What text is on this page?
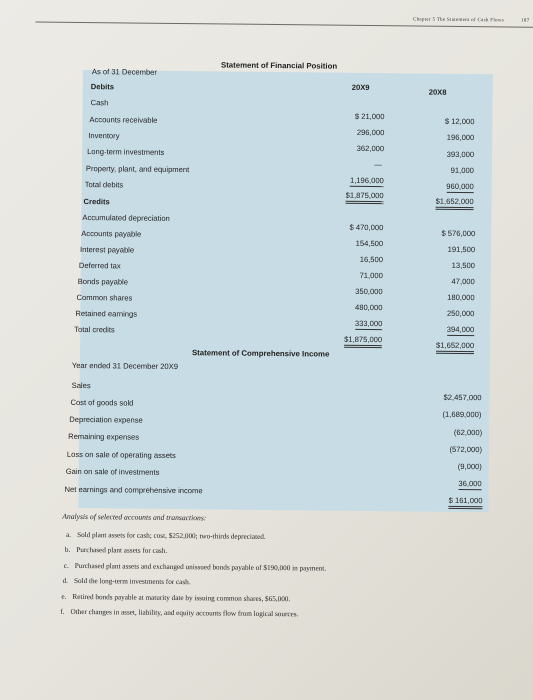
Chapter 5 The Statement of Cash Flows	187
Statement of Financial Position
As of 31 December
20X9
20X8
Debits
Cash
$ 21,000
$ 12,000
Accounts receivable
296,000
196,000
Inventory
362,000
393,000
Long-term investments
—
91,000
Property, plant, and equipment
1,196,000
960,000
Total debits
$1,875,000
$1,652,000
Credits
Accumulated depreciation
$ 470,000
$ 576,000
Accounts payable
154,500
191,500
Interest payable
16,500
13,500
Deferred tax
71,000
47,000
Bonds payable
350,000
180,000
Common shares
480,000
250,000
Retained earnings
333,000
394,000
Total credits
$1,875,000
$1,652,000
Statement of Comprehensive Income
Year ended 31 December 20X9
Sales
$2,457,000
Cost of goods sold
(1,689,000)
Depreciation expense
(62,000)
Remaining expenses
(572,000)
Loss on sale of operating assets
(9,000)
Gain on sale of investments
36,000
Net earnings and comprehensive income
$ 161,000
Analysis of selected accounts and transactions:
a. Sold plant assets for cash; cost, $252,000; two-thirds depreciated.
b. Purchased plant assets for cash.
c. Purchased plant assets and exchanged unissued bonds payable of $190,000 in payment.
d. Sold the long-term investments for cash.
e. Retired bonds payable at maturity date by issuing common shares, $65,000.
f. Other changes in asset, liability, and equity accounts flow from logical sources.
